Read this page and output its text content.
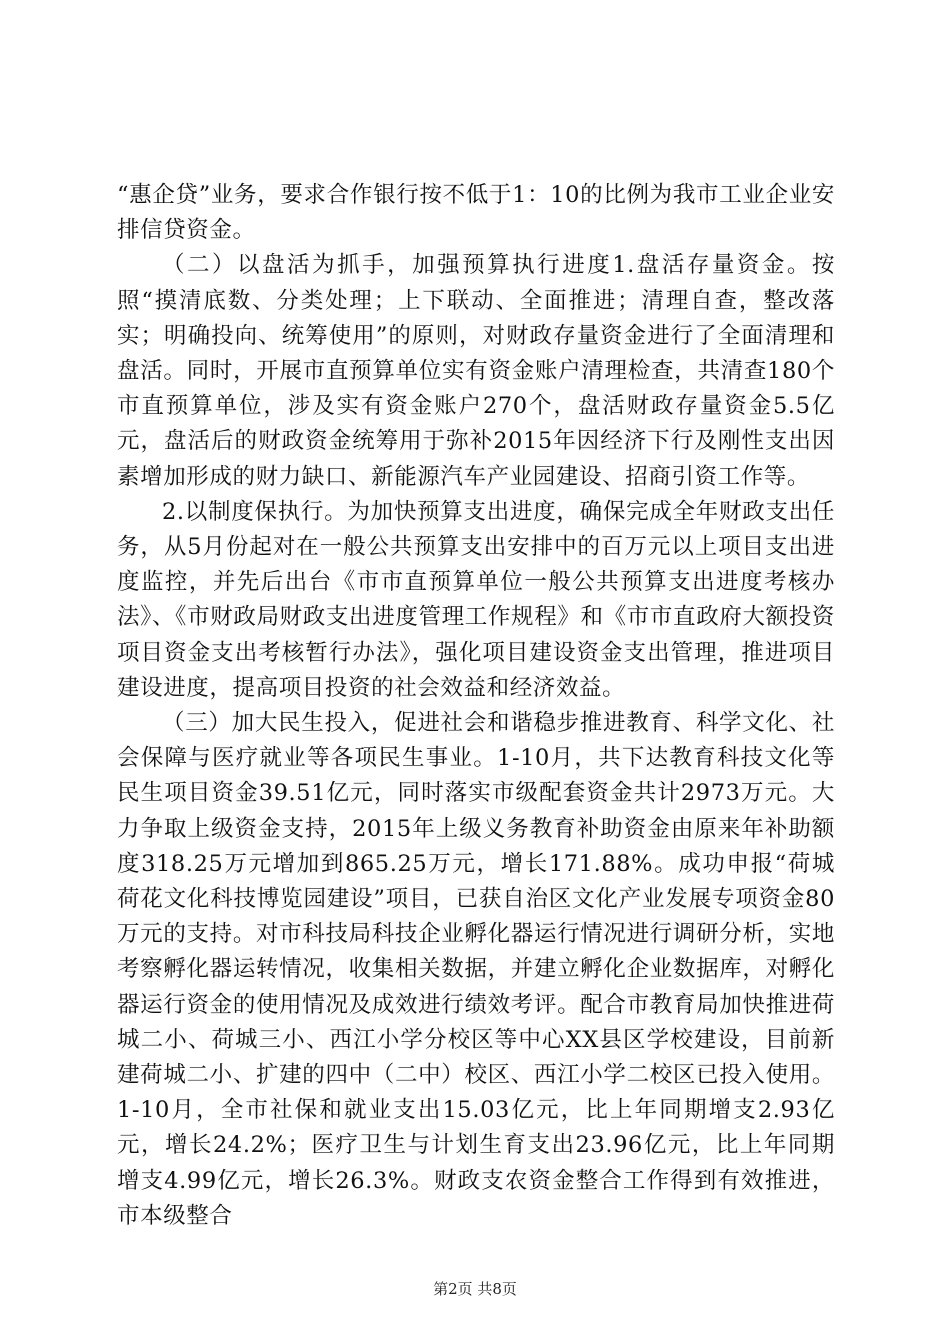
“惠企贷”业务，要求合作银行按不低于1：10的比例为我市工业企业安排信贷资金。

（二）以盘活为抓手，加强预算执行进度1.盘活存量资金。按照“摸清底数、分类处理；上下联动、全面推进；清理自查，整改落实；明确投向、统筹使用”的原则，对财政存量资金进行了全面清理和盘活。同时，开展市直预算单位实有资金账户清理检查，共清查180个市直预算单位，涉及实有资金账户270个，盘活财政存量资金5.5亿元，盘活后的财政资金统筹用于弥补2015年因经济下行及刚性支出因素增加形成的财力缺口、新能源汽车产业园建设、招商引资工作等。

2.以制度保执行。为加快预算支出进度，确保完成全年财政支出任务，从5月份起对在一般公共预算支出安排中的百万元以上项目支出进度监控，并先后出台《市市直预算单位一般公共预算支出进度考核办法》、《市财政局财政支出进度管理工作规程》和《市市直政府大额投资项目资金支出考核暂行办法》，强化项目建设资金支出管理，推进项目建设进度，提高项目投资的社会效益和经济效益。

（三）加大民生投入，促进社会和谐稳步推进教育、科学文化、社会保障与医疗就业等各项民生事业。1-10月，共下达教育科技文化等民生项目资金39.51亿元，同时落实市级配套资金共计2973万元。大力争取上级资金支持，2015年上级义务教育补助资金由原来年补助额度318.25万元增加到865.25万元，增长171.88%。成功申报“荷城荷花文化科技博览园建设”项目，已获自治区文化产业发展专项资金80万元的支持。对市科技局科技企业孵化器运行情况进行调研分析，实地考察孵化器运转情况，收集相关数据，并建立孵化企业数据库，对孵化器运行资金的使用情况及成效进行绩效考评。配合市教育局加快推进荷城二小、荷城三小、西江小学分校区等中心XX县区学校建设，目前新建荷城二小、扩建的四中（二中）校区、西江小学二校区已投入使用。1-10月，全市社保和就业支出15.03亿元，比上年同期增支2.93亿元，增长24.2%；医疗卫生与计划生育支出23.96亿元，比上年同期增支4.99亿元，增长26.3%。财政支农资金整合工作得到有效推进，市本级整合

第2页 共8页
